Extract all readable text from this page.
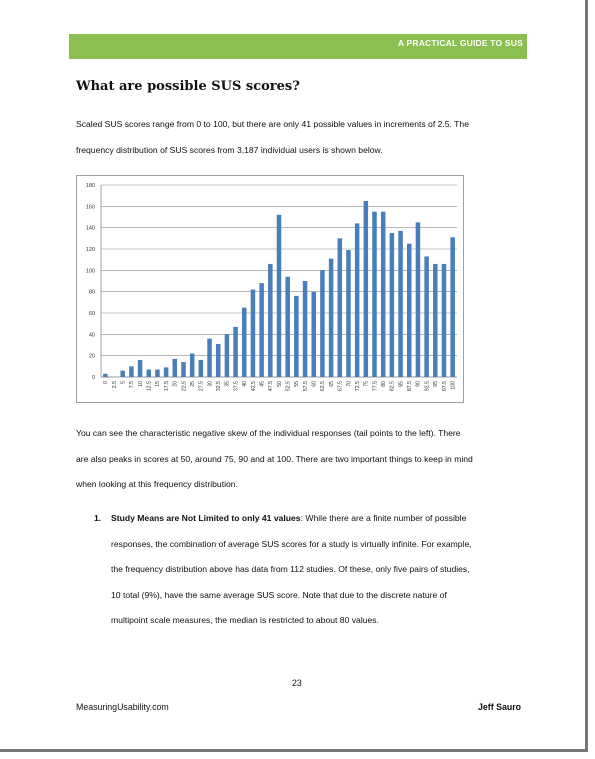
A PRACTICAL GUIDE TO SUS
What are possible SUS scores?
Scaled SUS scores range from 0 to 100, but there are only 41 possible values in increments of 2.5. The
frequency distribution of SUS scores from 3,187 individual users is shown below.
0
20
40
60
80
100
120
140
160
180
0 2.5 5 7.5 10 12.5 15 17.5 20 22.5 25 27.5 30 32.5 35 37.5 40 42.5 45 47.5 50 52.5 55 57.5 60 62.5 65 67.5 70 72.5 75 77.5 80 82.5 85 87.5 90 92.5 95 97.5 100
You can see the characteristic negative skew of the individual responses (tail points to the left). There
are also peaks in scores at 50, around 75, 90 and at 100. There are two important things to keep in mind
when looking at this frequency distribution.
1. Study Means are Not Limited to only 41 values: While there are a finite number of possible
responses, the combination of average SUS scores for a study is virtually infinite. For example,
the frequency distribution above has data from 112 studies. Of these, only five pairs of studies,
10 total (9%), have the same average SUS score. Note that due to the discrete nature of
multipoint scale measures, the median is restricted to about 80 values.
23
MeasuringUsability.com	Jeff Sauro
